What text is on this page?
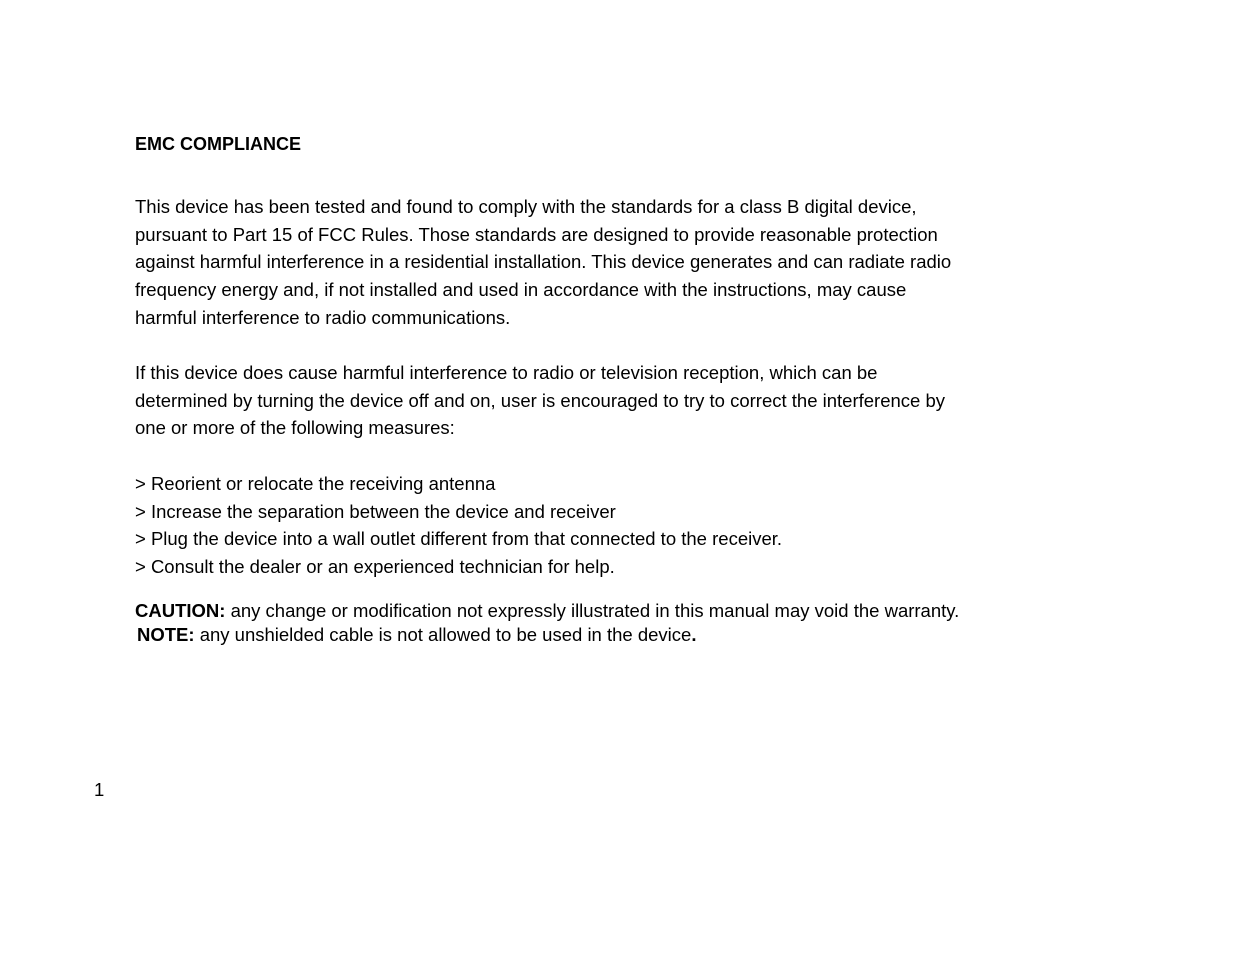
EMC COMPLIANCE

This device has been tested and found to comply with the standards for a class B digital device,
pursuant to Part 15 of FCC Rules. Those standards are designed to provide reasonable protection
against harmful interference in a residential installation. This device generates and can radiate radio
frequency energy and, if not installed and used in accordance with the instructions, may cause
harmful interference to radio communications.

If this device does cause harmful interference to radio or television reception, which can be
determined by turning the device off and on, user is encouraged to try to correct the interference by
one or more of the following measures:

> Reorient or relocate the receiving antenna
> Increase the separation between the device and receiver
> Plug the device into a wall outlet different from that connected to the receiver.
> Consult the dealer or an experienced technician for help.

CAUTION: any change or modification not expressly illustrated in this manual may void the warranty.

NOTE: any unshielded cable is not allowed to be used in the device.

1
